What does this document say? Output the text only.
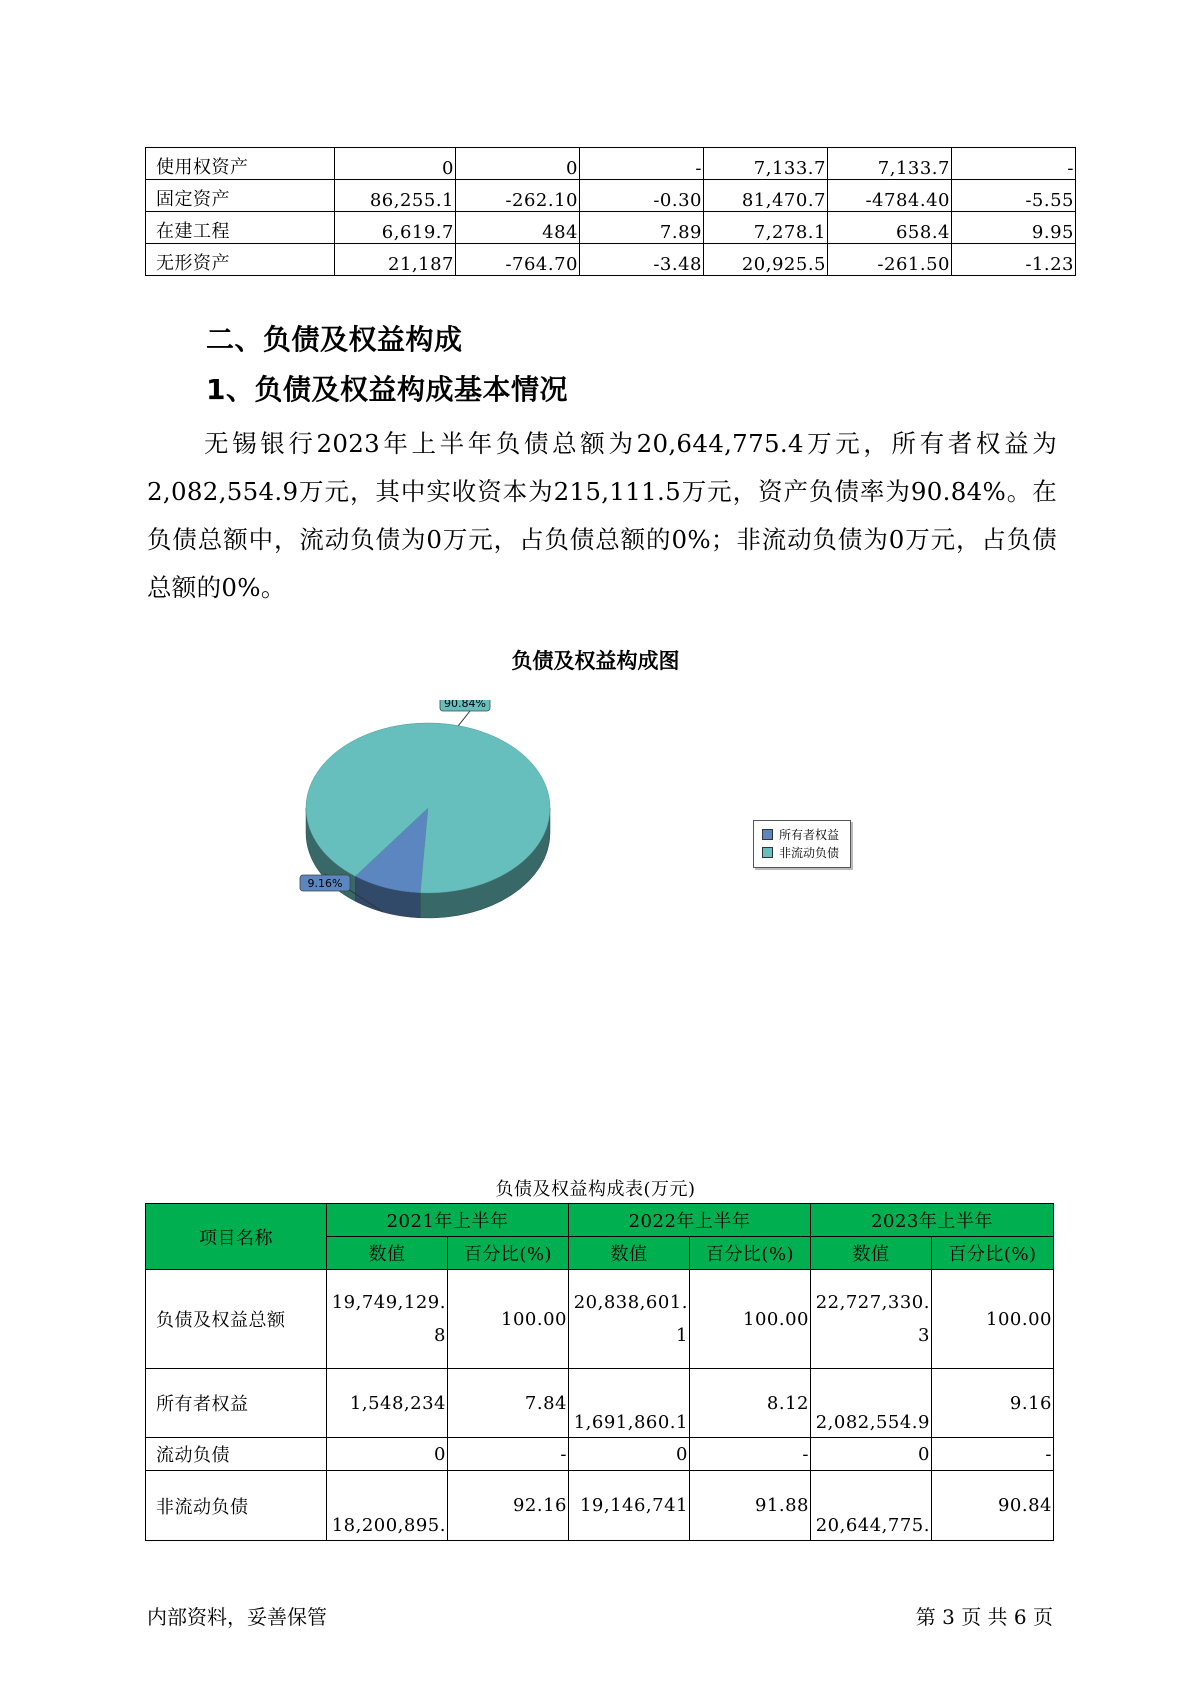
使用权资产	0	0	-	7,133.7	7,133.7	-
固定资产	86,255.1	-262.10	-0.30	81,470.7	-4784.40	-5.55
在建工程	6,619.7	484	7.89	7,278.1	658.4	9.95
无形资产	21,187	-764.70	-3.48	20,925.5	-261.50	-1.23
二、负债及权益构成
1、负债及权益构成基本情况
无锡银行2023年上半年负债总额为20,644,775.4万元，所有者权益为2,082,554.9万元，其中实收资本为215,111.5万元，资产负债率为90.84%。在负债总额中，流动负债为0万元，占负债总额的0%；非流动负债为0万元，占负债总额的0%。
负债及权益构成图
9.16%
90.84%
所有者权益
非流动负债
负债及权益构成表(万元)
项目名称	2021年上半年		2022年上半年		2023年上半年	
	数值	百分比(%)	数值	百分比(%)	数值	百分比(%)
负债及权益总额	19,749,129.8	100.00	20,838,601.1	100.00	22,727,330.3	100.00
所有者权益	1,548,234	7.84	1,691,860.1	8.12	2,082,554.9	9.16
流动负债	0	-	0	-	0	-
非流动负债	18,200,895.	92.16	19,146,741	91.88	20,644,775.	90.84
内部资料，妥善保管	第 3 页 共 6 页
